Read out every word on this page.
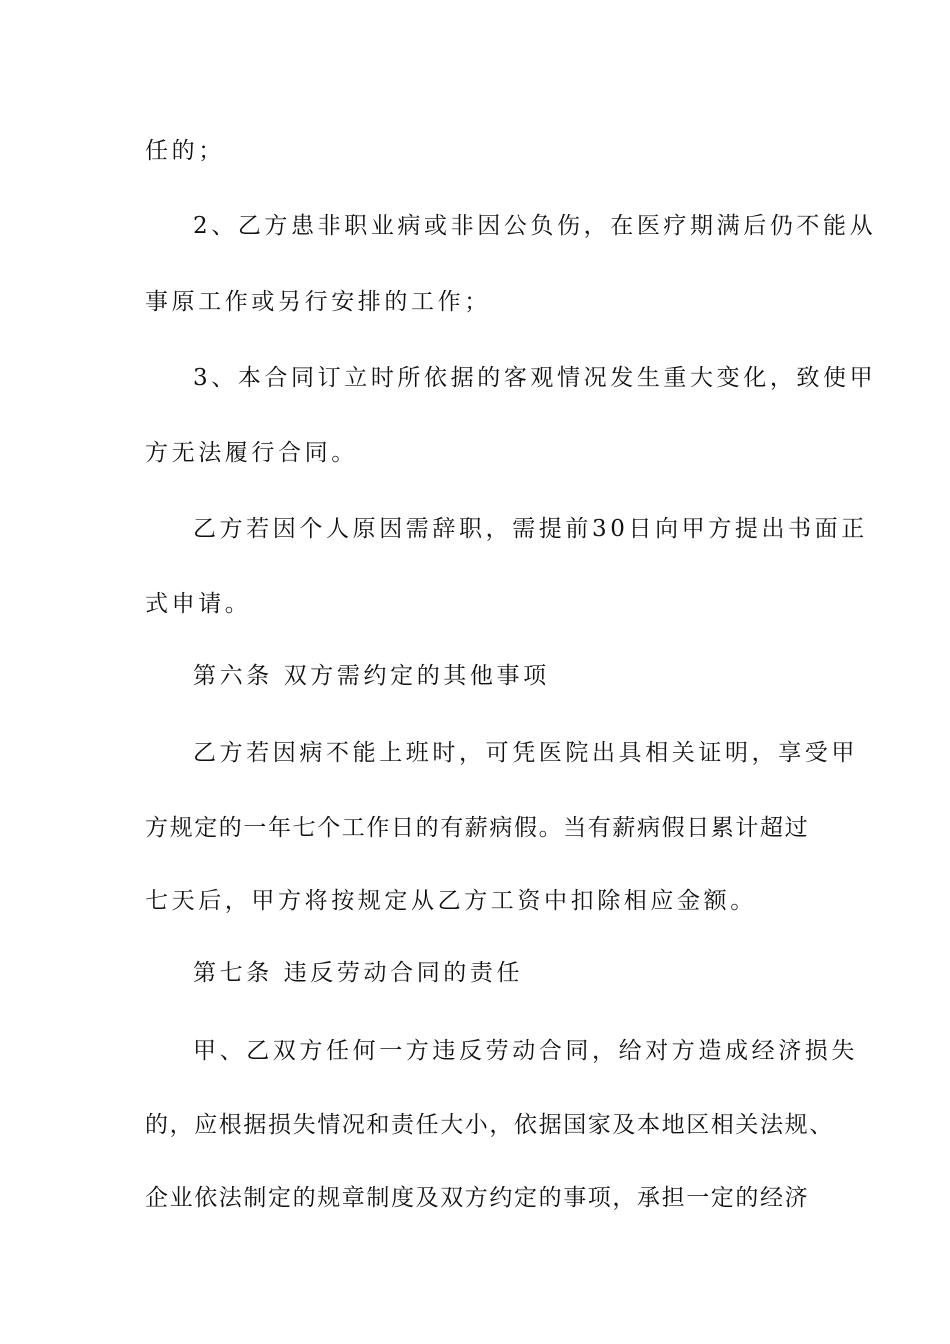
任的；
2、乙方患非职业病或非因公负伤，在医疗期满后仍不能从
事原工作或另行安排的工作；
3、本合同订立时所依据的客观情况发生重大变化，致使甲
方无法履行合同。
乙方若因个人原因需辞职，需提前30日向甲方提出书面正
式申请。
第六条 双方需约定的其他事项
乙方若因病不能上班时，可凭医院出具相关证明，享受甲
方规定的一年七个工作日的有薪病假。当有薪病假日累计超过
七天后，甲方将按规定从乙方工资中扣除相应金额。
第七条 违反劳动合同的责任
甲、乙双方任何一方违反劳动合同，给对方造成经济损失
的，应根据损失情况和责任大小，依据国家及本地区相关法规、
企业依法制定的规章制度及双方约定的事项，承担一定的经济
